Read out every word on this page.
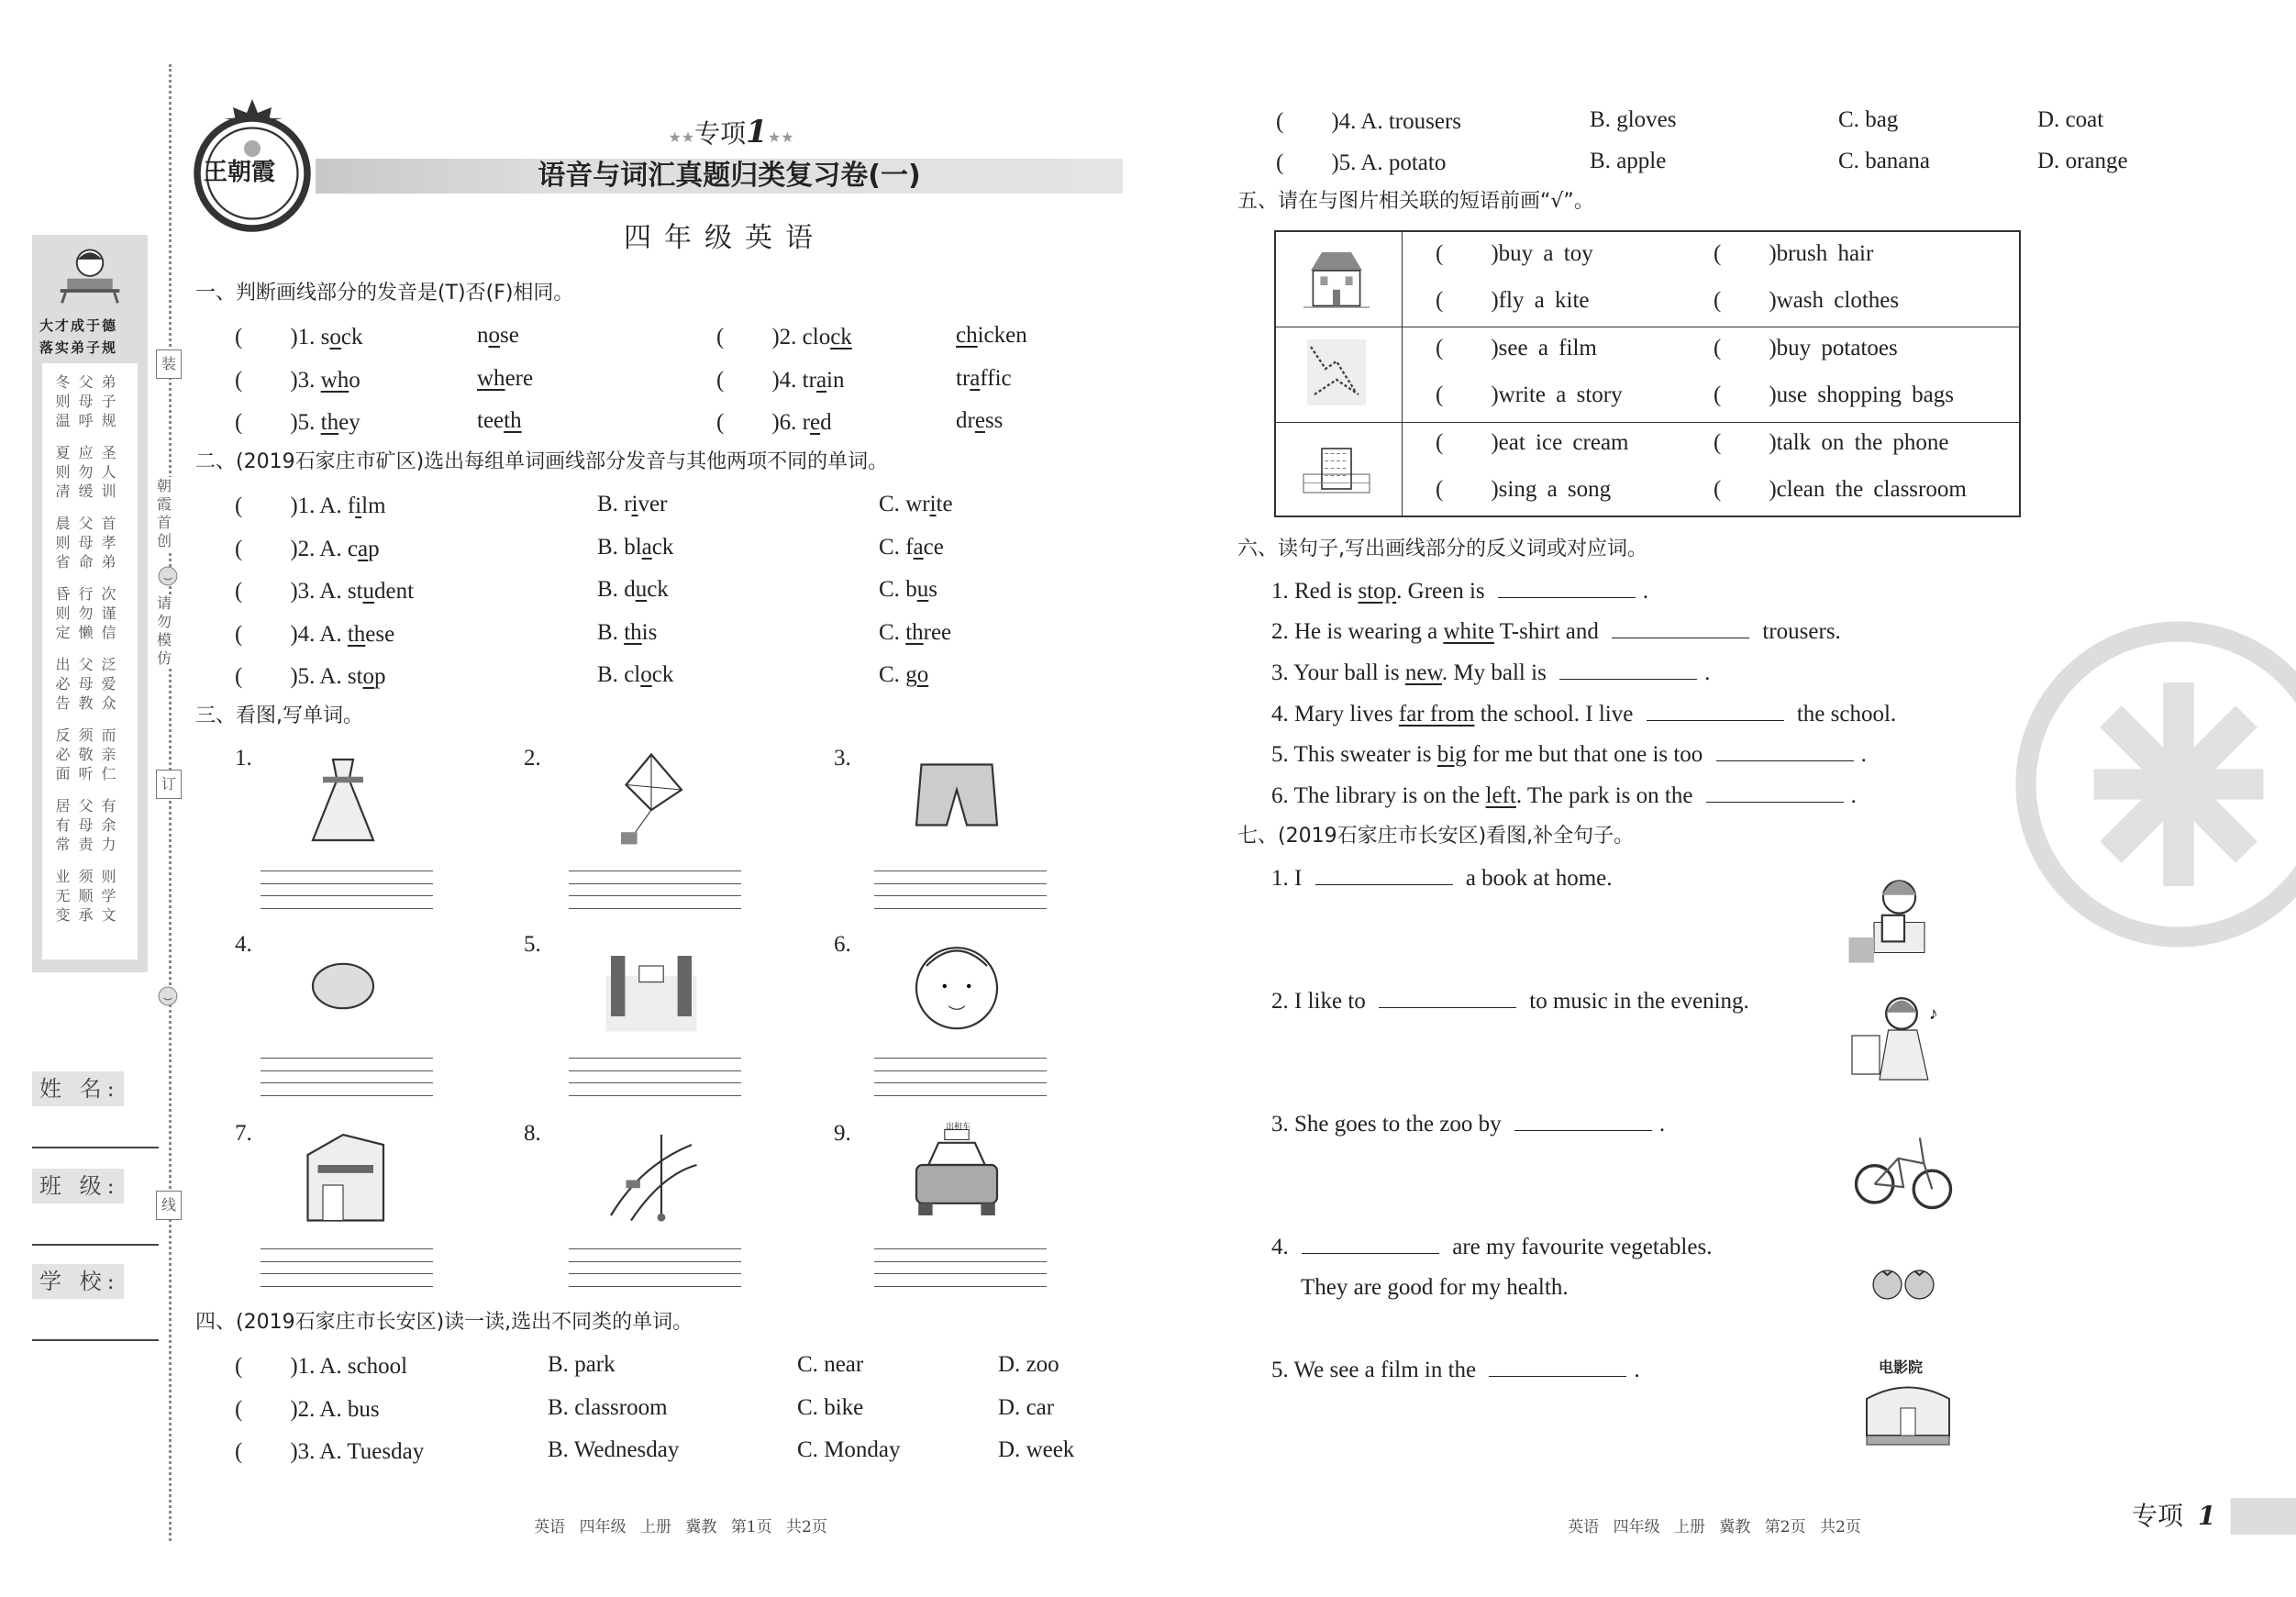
王朝霞
★★专项1★★
语音与词汇真题归类复习卷(一)
四年级英语
大才成于德
落实弟子规
冬父弟
则母子
温呼规
夏应圣
则勿人
凊缓训
晨父首
则母孝
省命弟
昏行次
则勿谨
定懒信
出父泛
必母爱
告教众
反须而
必敬亲
面听仁
居父有
有母余
常责力
业须则
无顺学
变承文
英语 四年级 上册 冀教 第1页 共2页	英语 四年级 上册 冀教 第2页 共2页	专项 1
姓 名:
班 级:
学 校:
装
订
线
朝霞首创
请勿模仿
一、判断画线部分的发音是(T)否(F)相同。
( )1. sock	nose	( )2. clock	chicken
( )3. who	where	( )4. train	traffic
( )5. they	teeth	( )6. red	dress
二、(2019石家庄市矿区)选出每组单词画线部分发音与其他两项不同的单词。
( )1. A. film	B. river	C. write
( )2. A. cap	B. black	C. face
( )3. A. student	B. duck	C. bus
( )4. A. these	B. this	C. three
( )5. A. stop	B. clock	C. go
三、看图,写单词。
1.	2.	3.
4.	5.	6.
7.	8.	9.	出租车
四、(2019石家庄市长安区)读一读,选出不同类的单词。
( )1. A. school	B. park	C. near	D. zoo
( )2. A. bus	B. classroom	C. bike	D. car
( )3. A. Tuesday	B. Wednesday	C. Monday	D. week
( )4. A. trousers	B. gloves	C. bag	D. coat
( )5. A. potato	B. apple	C. banana	D. orange
五、请在与图片相关联的短语前画“√”。
( )buy a toy	( )brush hair
( )fly a kite	( )wash clothes
( )see a film	( )buy potatoes
( )write a story	( )use shopping bags
( )eat ice cream	( )talk on the phone
( )sing a song	( )clean the classroom
六、读句子,写出画线部分的反义词或对应词。
1. Red is stop. Green is	.
2. He is wearing a white T-shirt and	trousers.
3. Your ball is new. My ball is	.
4. Mary lives far from the school. I live	the school.
5. This sweater is big for me but that one is too	.
6. The library is on the left. The park is on the	.
七、(2019石家庄市长安区)看图,补全句子。
1. I	a book at home.
2. I like to	to music in the evening.
♪
3. She goes to the zoo by	.
4.	are my favourite vegetables.
They are good for my health.
5. We see a film in the	.	电影院
